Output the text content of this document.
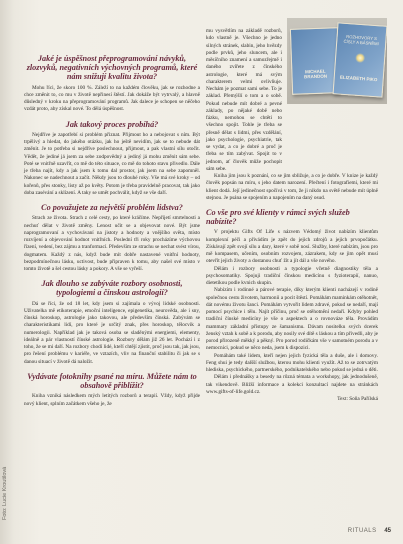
Foto: Lucie Kroutilová
Jaké je úspěšnost přeprogramování návyků, zlozvyků, negativních výchovných programů, které nám snižují kvalitu života?

Mohu říci, že skoro 100 %. Záleží to na každém člověku, jak se rozhodne a chce změnit to, co mu v životě nepřinesí štěstí. Jak dokáže být vytrvalý, a hlavně důsledný v kroku na přeprogramování programů. Jak dalece je schopen se něčeho vzdát proto, aby získal nové. To dělá úspěšnost.

Jak takový proces probíhá?

Nejdříve je zapotřebí si problém přiznat. Přijmout ho a nebojovat s ním. Být trpělivý a hledat, do jakého otázku, jak ho ještě nevidím, jak se to nebude dát změnit. Je to potřeba si nejdříve poslechnout, přijmout, a pak vlastní sílu otočit. Vědět, že jediné já jsem za sebe zodpovědný a jediný já mohu změnit sám sebe. Poté se vnitřně uzavřít, co mě do této situace, co mě do tohoto stavu přivedlo. Dále je třeba najít, kdy a jak jsem k tomu dal prostor, jak jsem na sebe zapomněl. Nakonec se nadechnout a začít. Někdy jsou to dlouhé roky. Vše má své kroky – od kořenů, přes stonky, listy až po květy. Potom je třeba pravidelně pracovat, tak jako doba zasévání a sklízení. A taky se umět pochválit, když se vše daří.

Co považujete za největší problém lidstva?

Strach ze života. Strach z celé cesty, po které kráčíme. Nepřijetí smrtelnosti a nechuť dělat v životě změny. Lenost učit se a objevovat nové. Být jsme naprogramovaní a vychovávaní na jistoty a hodnoty a vnějšího světa, místo rozvíjení a objevování hodnot vnitřních. Poslední tři roky procházíme výchovou řízení, vedení, bez zájmu a tranformací. Především ze strachu se nechat svést vírou, dogmatem. Každý z nás, když bude mít dobře nastavené vnitřní hodnoty, bezpodmínečnou lásku, uctivost, bude připraven k tomu, aby našel své místo v tomto životě a šel cestou lásky a pokory. A vše se vyřeší.

Jak dlouho se zabýváte rozbory osobnosti, typologiemi a čínskou astrologií?

Dá se říci, že od 18 let, kdy jsem si zajímala o vývoj lidské osobnosti. Uživatelka mě etikoterapie, emoční inteligence, epigenetika, neurověda, ale i sny, čínská horoskop, astrologie jako takovou, ale především čínská. Zabývám se charakteristikami lidí, pro které je určitý znak, přes horoskop, tělocvik a numerologii. Například jak je taková osoba se sladěnými energiemi, elementy, ideálně a pár vlastností čínské astrologie. Rozbory dělám již 26 let. Pochází i z toho, že se mi daří. Na rozbory chodí lidé, kteří chtějí zjistit, proč jsou tak, jak jsou, pro řešení problému v kariéře, ve vztazích, vliv na finanční stabilitu či jak se s danou situací v životě dá naložit.

Vydávate fotoknihy psané na míru. Můžete nám to obsahově přiblížit?

Kniha vzniká následkem mých letitých rozborů a terapií. Vždy, když přijde nový klient, splním začátkem všeho je, že

MICHAEL BRANDON
ROZHOVORY S ČÍSLY A BÁSNĚMI
ELIZABETH PIKO

mu vysvětlím na základě rozborů, kdo vlastně je. Všechno je jedno silných stránek, slabin, jeho hvězdy podle prvků, jeho sluncem, ale i měsíčního znamení a samozřejmě i daného zvířete z čínského astrologie, které má svým charakterem velmi ovlivňuje. Nechám je pozmat sami sebe. To je základ. Přemýšlí o tom a o sobě. Pokud nebude mít dobré a pevné základy, po nějaké době nebo fázku, nemohou se chtěti to všechno spojit. Tohle je třeba se přesně dělat s lidmi, přes vzdělání, jako psychologie, psychiatrie, tak se vydat, a co je dobré a proč je třeba se tím zabývat. Spojit to v jednom, ať člověk může pochopit sám sebe.

Kniha jim jsou k poznání, co se jim sbližuje, a co je dobře. V knize je každý člověk popsán na míru, s jeho datem narození. Přečtení i fotografiemi, které mi klient dodá. Její jedinečnost spočívá v tom, že ji nikdo na světě nebude mít úplně stejnou. Je psána se spojením a napojením na daný osud.

Co vše pro své klienty v rámci svých služeb nabízíte?

V projektu Gifts Of Life s názvem Védomý život nabízím klientům komplexní péči a přivádím je zpět do jejich zdrojů a jejich prvopočátku. Získávají zpět svojí sílu a dary, které v sobě nosí. Služby, které nabízím, jsou pro mě kompasem, učením, osobním rozvojem, zázrakem, kdy se jim opět musí otevřít jejich životy a dostanou chuť žít a jít dál a vše nového.

Dělám i rozbory osobnosti a typologie včetně diagnostiky těla a psychosomatiky. Spojuji tradiční čínskou medicínu s fyzioterapií, nanuo, dietetikou podle kvnich skupin.

Nabízím i rodinné a párové terapie, díky kterým klienti nacházejí v rodině společnou cestu životem, harmonii a pocit štěstí. Pomáhám maminkám otěhotnět, dát novému životu šanci. Pomáhám vytvořit lidem zdravé, pokud se nedaří, mají pomocí psychice i tělu. Najít příčinu, proč se otěhotnění nedaří. Kdyby pohled tradiční čínské medicíny je vše o aspektech a o rovnováze těla. Provádím mammary základní přístupy ze šamanismu. Dávam nositelku svých dcerek ženský vztah k sobě a k porodu, aby nosily své dítě s láskou a tím přivedli, aby je porod přirozeně měkký a pěkný. Pro porod rodičkám vše v samotném porodu a v nemocnici, pokud se něco neda, jsem k dispozici.

Pomáhám také lidem, kteří nejen jejich fyzická těla a duše, ale i domovy. Feng shui je tedy dalšší službou, kterou mohu klienti využít. Až to se zotrvatým hlediska, psychického, partnerského, podnikatelského nebo pokud se jedná o děti.

Dělám i přednášky a besedy na různá témata a workshopy, jak jednodušeně, tak vikendově. Bližší informace a kolekci konzultací najdete na stránkách www.gifts-of-life.gold.cz.

Text: Soňa Pařílská

RITUALS 45
